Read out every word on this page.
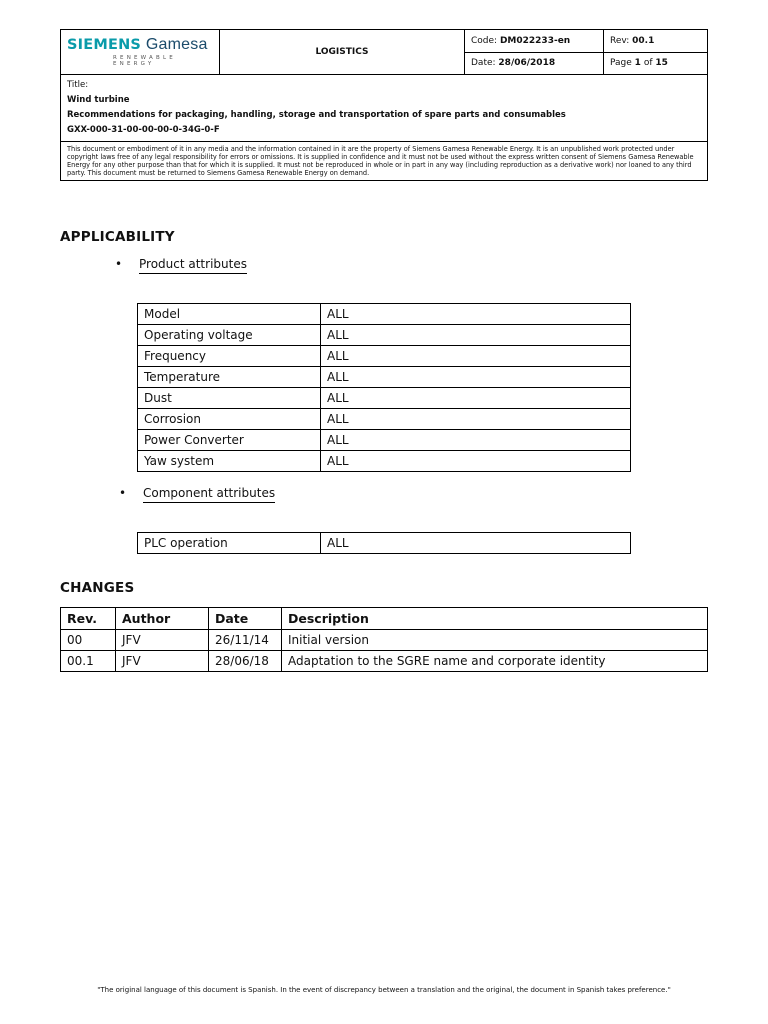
SIEMENS Gamesa
RENEWABLE ENERGY	LOGISTICS	Code: DM022233-en	Rev: 00.1
		Date: 28/06/2018	Page 1 of 15

Title:
Wind turbine
Recommendations for packaging, handling, storage and transportation of spare parts and consumables
GXX-000-31-00-00-00-0-34G-0-F			

This document or embodiment of it in any media and the information contained in it are the property of Siemens Gamesa Renewable Energy. It is an unpublished work protected under copyright laws free of any legal responsibility for errors or omissions. It is supplied in confidence and it must not be used without the express written consent of Siemens Gamesa Renewable Energy for any other purpose than that for which it is supplied. It must not be reproduced in whole or in part in any way (including reproduction as a derivative work) nor loaned to any third party. This document must be returned to Siemens Gamesa Renewable Energy on demand.			
APPLICABILITY
• Product attributes
Model	ALL
Operating voltage	ALL
Frequency	ALL
Temperature	ALL
Dust	ALL
Corrosion	ALL
Power Converter	ALL
Yaw system	ALL
• Component attributes
PLC operation	ALL
CHANGES
Rev.	Author	Date	Description
00	JFV	26/11/14	Initial version
00.1	JFV	28/06/18	Adaptation to the SGRE name and corporate identity
"The original language of this document is Spanish. In the event of discrepancy between a translation and the original, the document in Spanish takes preference."
